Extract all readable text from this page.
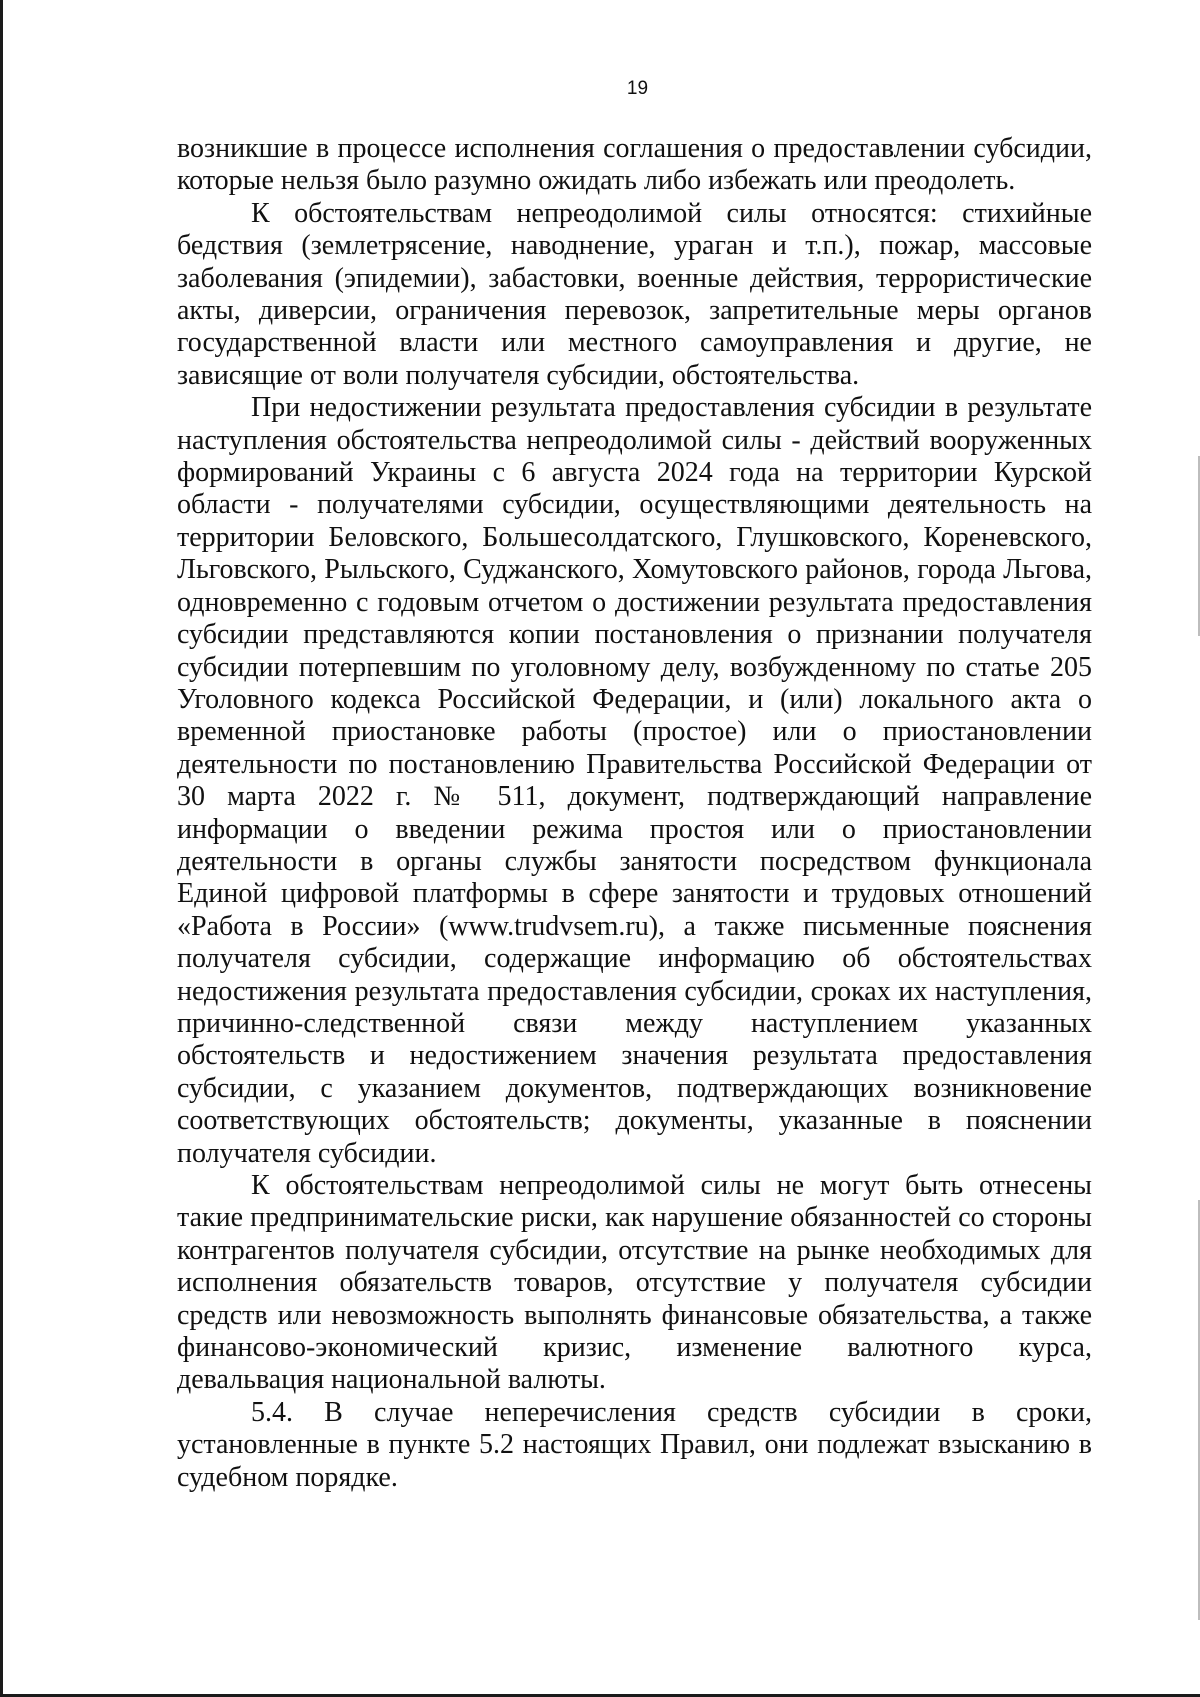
19

возникшие в процессе исполнения соглашения о предоставлении субсидии, которые нельзя было разумно ожидать либо избежать или преодолеть.

К обстоятельствам непреодолимой силы относятся: стихийные бедствия (землетрясение, наводнение, ураган и т.п.), пожар, массовые заболевания (эпидемии), забастовки, военные действия, террористические акты, диверсии, ограничения перевозок, запретительные меры органов государственной власти или местного самоуправления и другие, не зависящие от воли получателя субсидии, обстоятельства.

При недостижении результата предоставления субсидии в результате наступления обстоятельства непреодолимой силы - действий вооруженных формирований Украины с 6 августа 2024 года на территории Курской области - получателями субсидии, осуществляющими деятельность на территории Беловского, Большесолдатского, Глушковского, Кореневского, Льговского, Рыльского, Суджанского, Хомутовского районов, города Льгова, одновременно с годовым отчетом о достижении результата предоставления субсидии представляются копии постановления о признании получателя субсидии потерпевшим по уголовному делу, возбужденному по статье 205 Уголовного кодекса Российской Федерации, и (или) локального акта о временной приостановке работы (простое) или о приостановлении деятельности по постановлению Правительства Российской Федерации от 30 марта 2022 г. № 511, документ, подтверждающий направление информации о введении режима простоя или о приостановлении деятельности в органы службы занятости посредством функционала Единой цифровой платформы в сфере занятости и трудовых отношений «Работа в России» (www.trudvsem.ru), а также письменные пояснения получателя субсидии, содержащие информацию об обстоятельствах недостижения результата предоставления субсидии, сроках их наступления, причинно-следственной связи между наступлением указанных обстоятельств и недостижением значения результата предоставления субсидии, с указанием документов, подтверждающих возникновение соответствующих обстоятельств; документы, указанные в пояснении получателя субсидии.

К обстоятельствам непреодолимой силы не могут быть отнесены такие предпринимательские риски, как нарушение обязанностей со стороны контрагентов получателя субсидии, отсутствие на рынке необходимых для исполнения обязательств товаров, отсутствие у получателя субсидии средств или невозможность выполнять финансовые обязательства, а также финансово-экономический кризис, изменение валютного курса, девальвация национальной валюты.

5.4. В случае неперечисления средств субсидии в сроки, установленные в пункте 5.2 настоящих Правил, они подлежат взысканию в судебном порядке.
